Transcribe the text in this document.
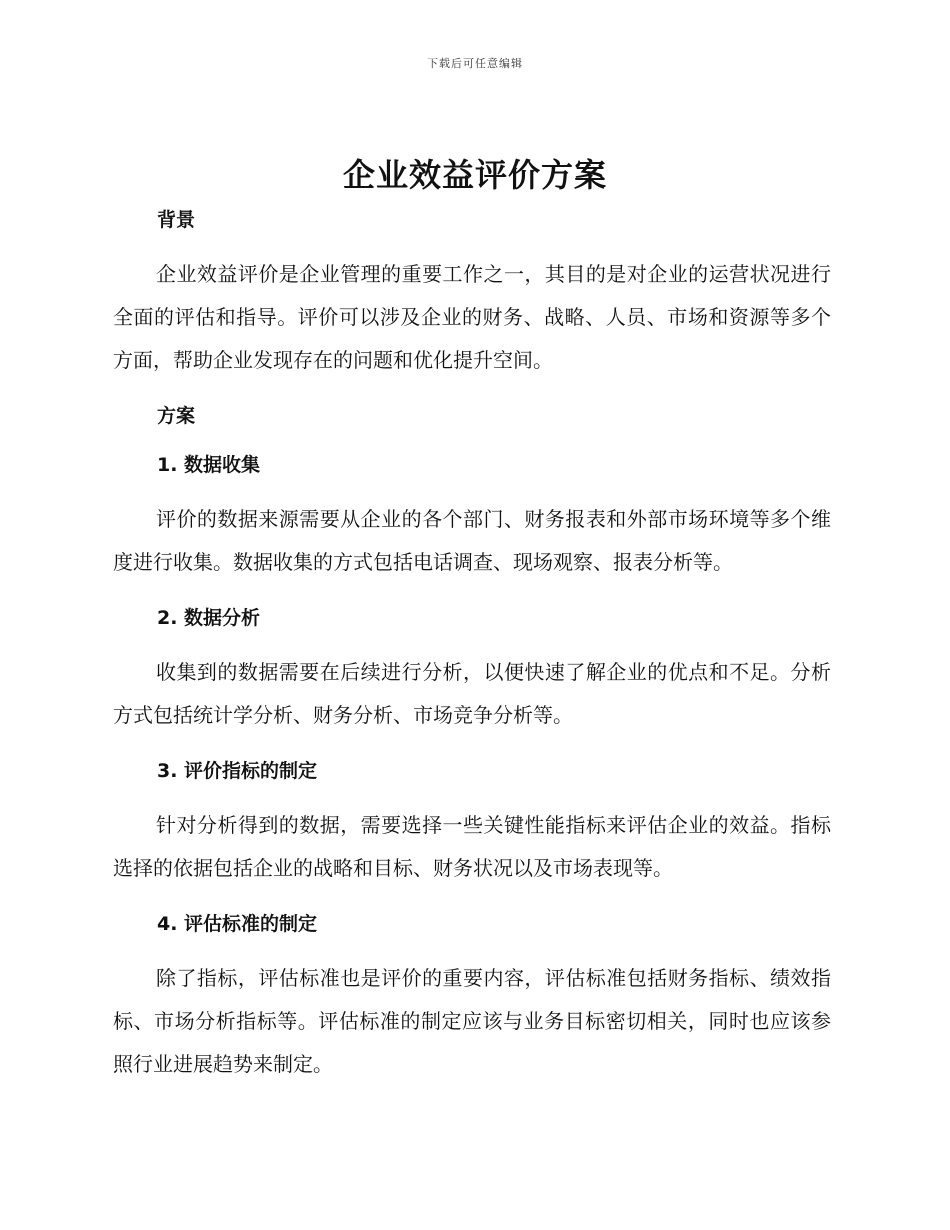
下载后可任意编辑
企业效益评价方案
背景

企业效益评价是企业管理的重要工作之一，其目的是对企业的运营状况进行全面的评估和指导。评价可以涉及企业的财务、战略、人员、市场和资源等多个方面，帮助企业发现存在的问题和优化提升空间。

方案
1. 数据收集

评价的数据来源需要从企业的各个部门、财务报表和外部市场环境等多个维度进行收集。数据收集的方式包括电话调查、现场观察、报表分析等。

2. 数据分析

收集到的数据需要在后续进行分析，以便快速了解企业的优点和不足。分析方式包括统计学分析、财务分析、市场竞争分析等。

3. 评价指标的制定

针对分析得到的数据，需要选择一些关键性能指标来评估企业的效益。指标选择的依据包括企业的战略和目标、财务状况以及市场表现等。

4. 评估标准的制定

除了指标，评估标准也是评价的重要内容，评估标准包括财务指标、绩效指标、市场分析指标等。评估标准的制定应该与业务目标密切相关，同时也应该参照行业进展趋势来制定。
